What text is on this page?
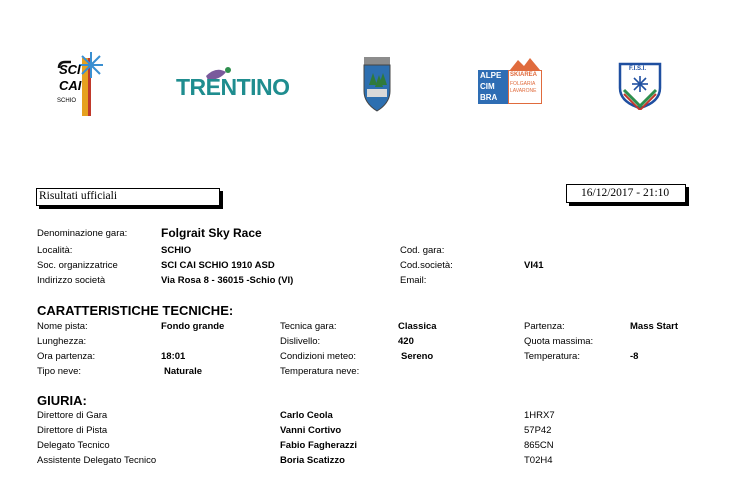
SCI
CAI
SCHIO
TRENTINO	ALPE
CIM
BRA
SKIAREA
FOLGARIA
LAVARONE
F.I.S.I.
Risultati ufficiali	16/12/2017 - 21:10
Denominazione gara:	Folgrait Sky Race
Località:	SCHIO	Cod. gara:
Soc. organizzatrice	SCI CAI SCHIO 1910 ASD	Cod.società:	VI41
Indirizzo società	Via Rosa 8 - 36015 -Schio (VI)	Email:
CARATTERISTICHE TECNICHE:
Nome pista:	Fondo grande	Tecnica gara:	Classica	Partenza:	Mass Start
Lunghezza:	Dislivello:	420	Quota massima:
Ora partenza:	18:01	Condizioni meteo:	Sereno	Temperatura:	-8
Tipo neve:	Naturale	Temperatura neve:
GIURIA:
Direttore di Gara	Carlo Ceola	1HRX7
Direttore di Pista	Vanni Cortivo	57P42
Delegato Tecnico	Fabio Fagherazzi	865CN
Assistente Delegato Tecnico	Boria Scatizzo	T02H4
